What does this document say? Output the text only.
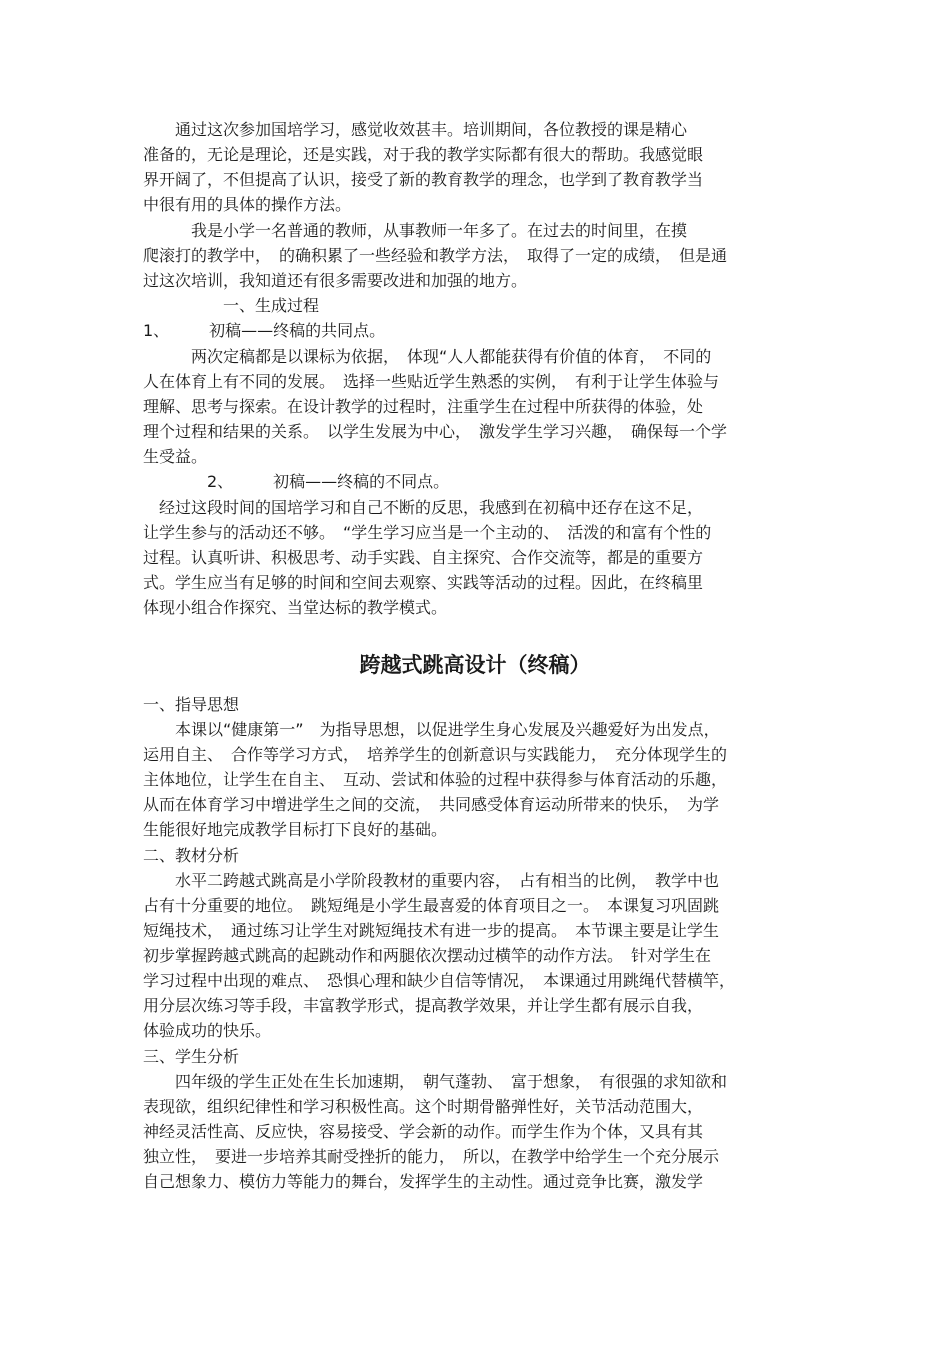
　　通过这次参加国培学习，感觉收效甚丰。培训期间，各位教授的课是精心

准备的，无论是理论，还是实践，对于我的教学实际都有很大的帮助。我感觉眼

界开阔了，不但提高了认识，接受了新的教育教学的理念，也学到了教育教学当

中很有用的具体的操作方法。

　　　我是小学一名普通的教师，从事教师一年多了。在过去的时间里，在摸

爬滚打的教学中，　的确积累了一些经验和教学方法，　取得了一定的成绩，　但是通

过这次培训，我知道还有很多需要改进和加强的地方。

　　　　　一、生成过程

1、　　　初稿——终稿的共同点。

　　　两次定稿都是以课标为依据，　体现“人人都能获得有价值的体育，　不同的

人在体育上有不同的发展。　选择一些贴近学生熟悉的实例，　有利于让学生体验与

理解、思考与探索。在设计教学的过程时，注重学生在过程中所获得的体验，处

理个过程和结果的关系。　以学生发展为中心，　激发学生学习兴趣，　确保每一个学

生受益。

　　　　2、　　　初稿——终稿的不同点。

　经过这段时间的国培学习和自己不断的反思，我感到在初稿中还存在这不足，

让学生参与的活动还不够。　“学生学习应当是一个主动的、　活泼的和富有个性的

过程。认真听讲、积极思考、动手实践、自主探究、合作交流等，都是的重要方

式。学生应当有足够的时间和空间去观察、实践等活动的过程。因此，在终稿里

体现小组合作探究、当堂达标的教学模式。

跨越式跳高设计（终稿）

一、指导思想

　　本课以“健康第一”　为指导思想，以促进学生身心发展及兴趣爱好为出发点，

运用自主、　合作等学习方式，　培养学生的创新意识与实践能力，　充分体现学生的

主体地位，让学生在自主、　互动、尝试和体验的过程中获得参与体育活动的乐趣，

从而在体育学习中增进学生之间的交流，　共同感受体育运动所带来的快乐，　为学

生能很好地完成教学目标打下良好的基础。

二、教材分析

　　水平二跨越式跳高是小学阶段教材的重要内容，　占有相当的比例，　教学中也

占有十分重要的地位。　跳短绳是小学生最喜爱的体育项目之一。　本课复习巩固跳

短绳技术，　通过练习让学生对跳短绳技术有进一步的提高。　本节课主要是让学生

初步掌握跨越式跳高的起跳动作和两腿依次摆动过横竿的动作方法。　针对学生在

学习过程中出现的难点、　恐惧心理和缺少自信等情况，　本课通过用跳绳代替横竿，

用分层次练习等手段，丰富教学形式，提高教学效果，并让学生都有展示自我，

体验成功的快乐。

三、学生分析

　　四年级的学生正处在生长加速期，　朝气蓬勃、　富于想象，　有很强的求知欲和

表现欲，组织纪律性和学习积极性高。这个时期骨骼弹性好，关节活动范围大，

神经灵活性高、反应快，容易接受、学会新的动作。而学生作为个体，又具有其

独立性，　要进一步培养其耐受挫折的能力，　所以，在教学中给学生一个充分展示

自己想象力、模仿力等能力的舞台，发挥学生的主动性。通过竞争比赛，激发学
